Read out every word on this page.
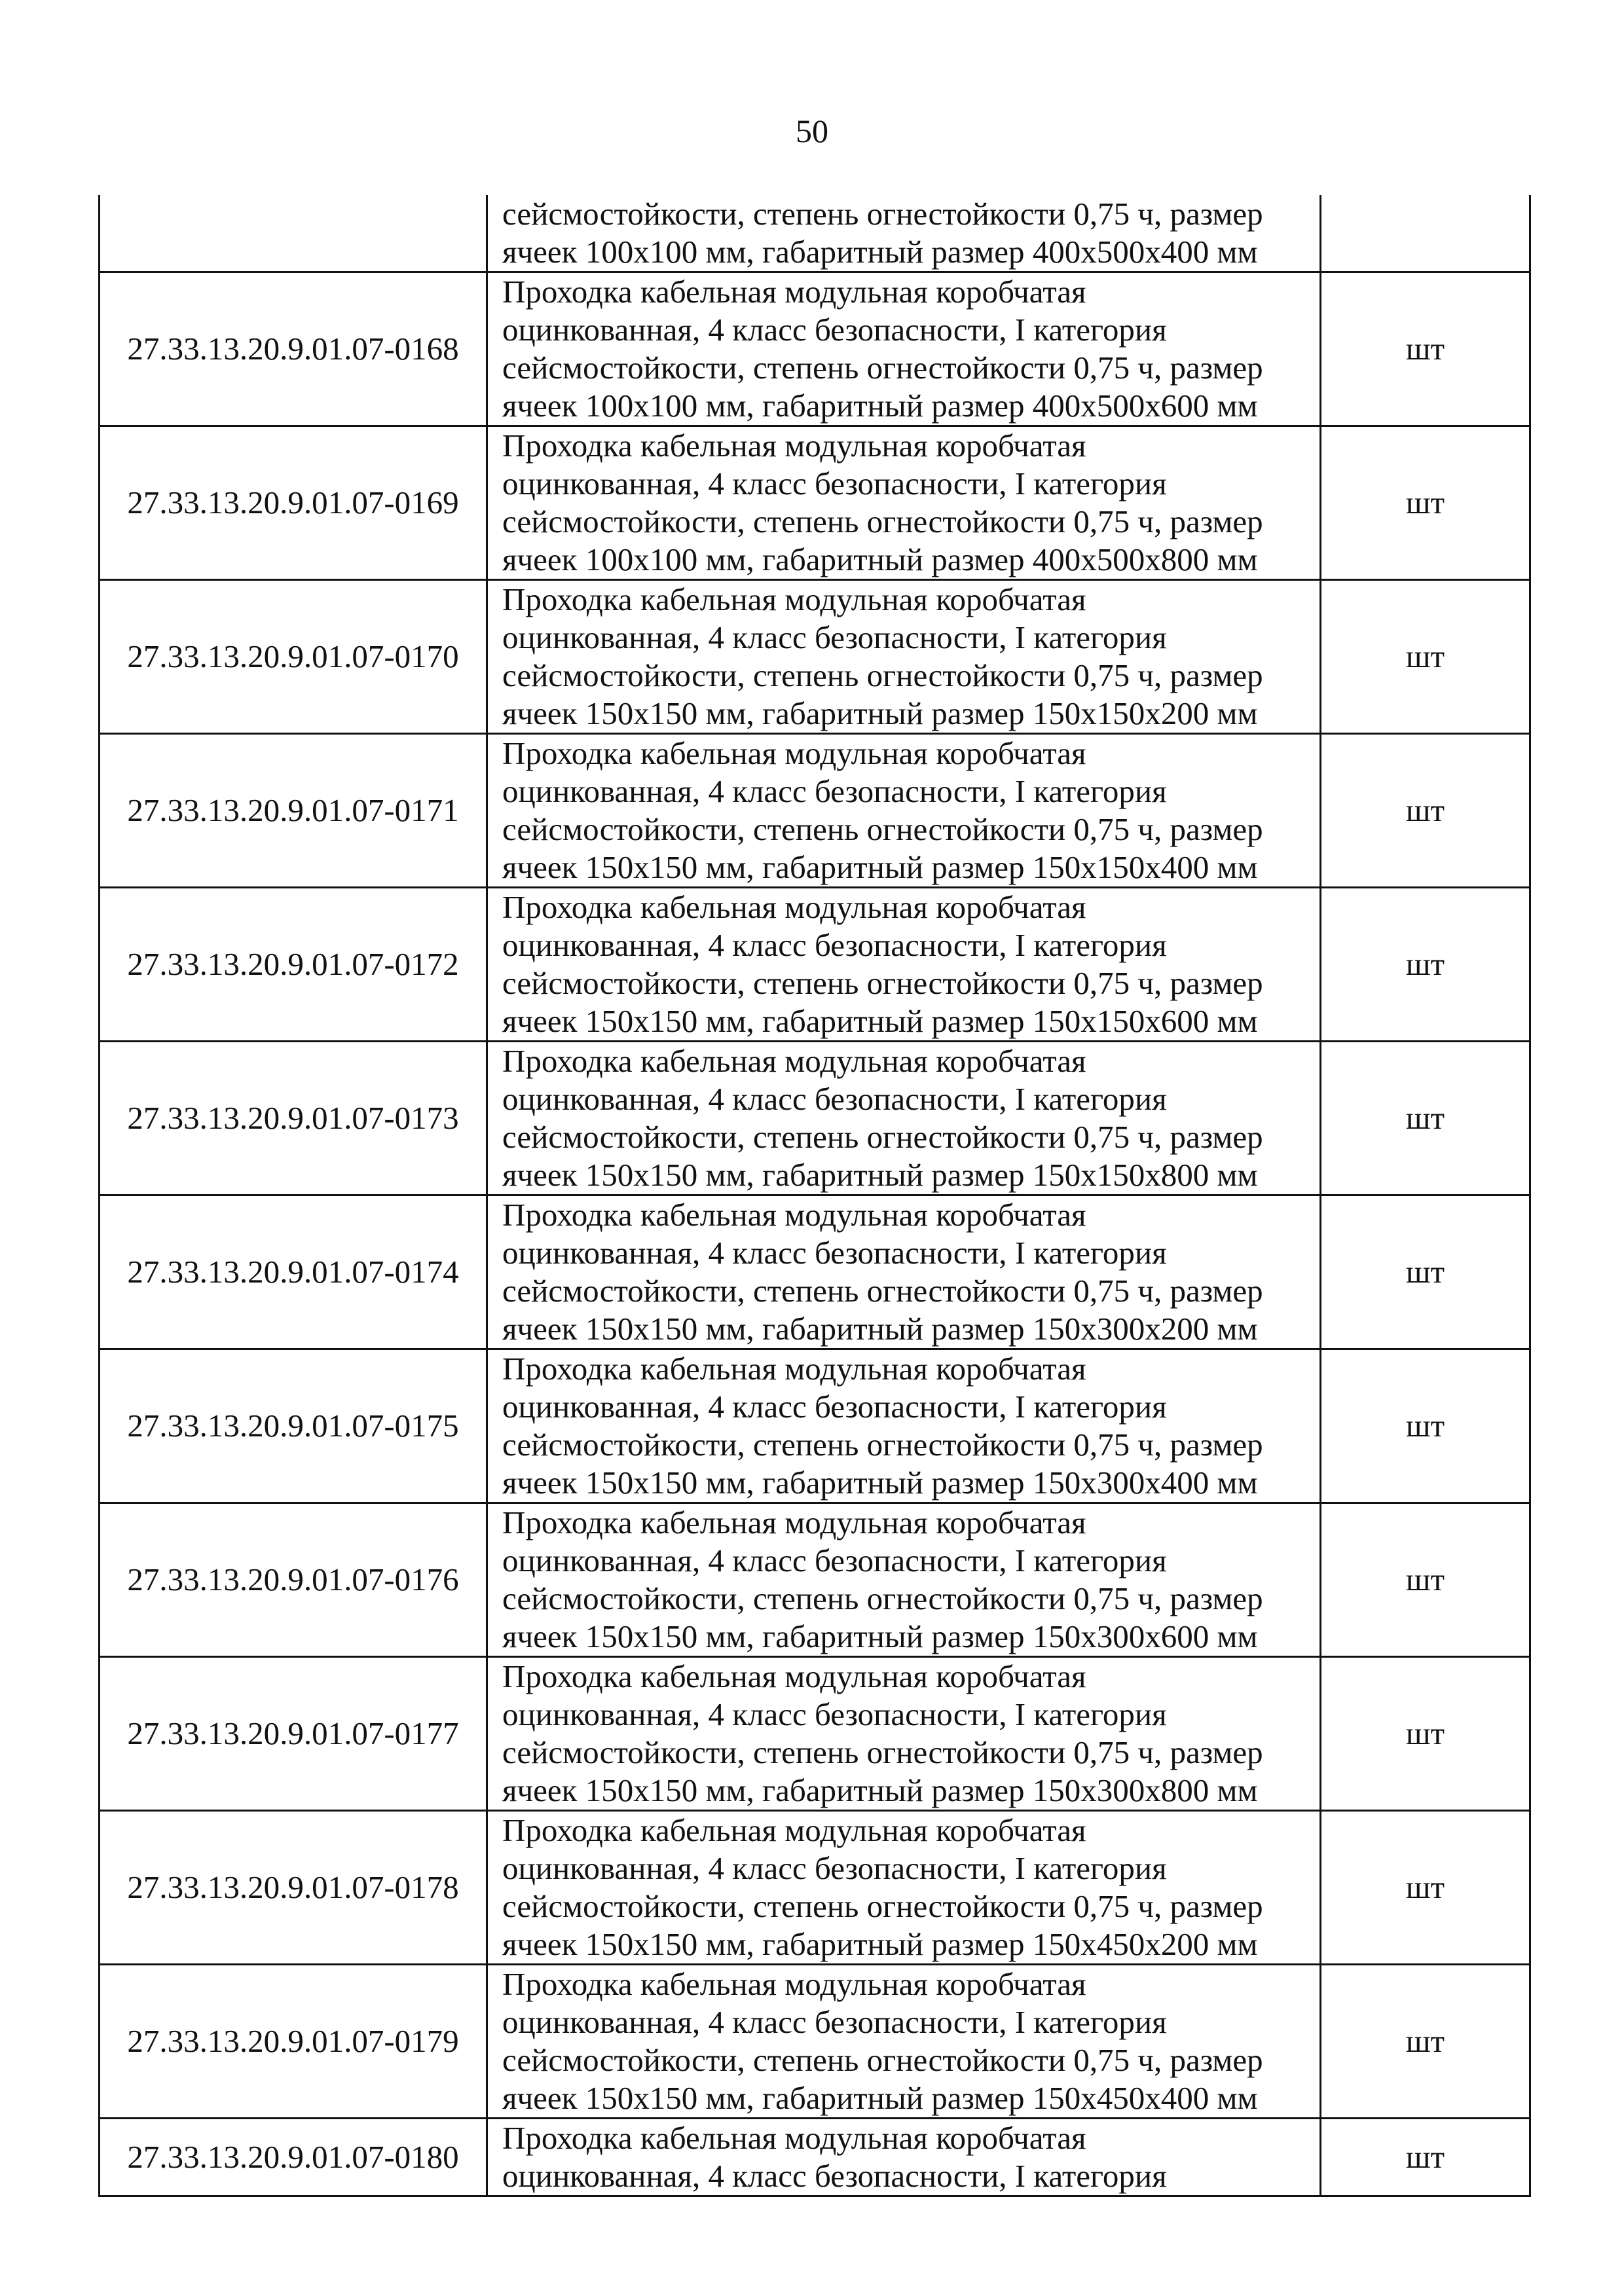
50

	сейсмостойкости, степень огнестойкости 0,75 ч, размер
ячеек 100х100 мм, габаритный размер 400х500х400 мм	

27.33.13.20.9.01.07-0168	Проходка кабельная модульная коробчатая
оцинкованная, 4 класс безопасности, I категория
сейсмостойкости, степень огнестойкости 0,75 ч, размер
ячеек 100х100 мм, габаритный размер 400х500х600 мм	шт
27.33.13.20.9.01.07-0169	Проходка кабельная модульная коробчатая
оцинкованная, 4 класс безопасности, I категория
сейсмостойкости, степень огнестойкости 0,75 ч, размер
ячеек 100х100 мм, габаритный размер 400х500х800 мм	шт
27.33.13.20.9.01.07-0170	Проходка кабельная модульная коробчатая
оцинкованная, 4 класс безопасности, I категория
сейсмостойкости, степень огнестойкости 0,75 ч, размер
ячеек 150х150 мм, габаритный размер 150х150х200 мм	шт
27.33.13.20.9.01.07-0171	Проходка кабельная модульная коробчатая
оцинкованная, 4 класс безопасности, I категория
сейсмостойкости, степень огнестойкости 0,75 ч, размер
ячеек 150х150 мм, габаритный размер 150х150х400 мм	шт
27.33.13.20.9.01.07-0172	Проходка кабельная модульная коробчатая
оцинкованная, 4 класс безопасности, I категория
сейсмостойкости, степень огнестойкости 0,75 ч, размер
ячеек 150х150 мм, габаритный размер 150х150х600 мм	шт
27.33.13.20.9.01.07-0173	Проходка кабельная модульная коробчатая
оцинкованная, 4 класс безопасности, I категория
сейсмостойкости, степень огнестойкости 0,75 ч, размер
ячеек 150х150 мм, габаритный размер 150х150х800 мм	шт
27.33.13.20.9.01.07-0174	Проходка кабельная модульная коробчатая
оцинкованная, 4 класс безопасности, I категория
сейсмостойкости, степень огнестойкости 0,75 ч, размер
ячеек 150х150 мм, габаритный размер 150х300х200 мм	шт
27.33.13.20.9.01.07-0175	Проходка кабельная модульная коробчатая
оцинкованная, 4 класс безопасности, I категория
сейсмостойкости, степень огнестойкости 0,75 ч, размер
ячеек 150х150 мм, габаритный размер 150х300х400 мм	шт
27.33.13.20.9.01.07-0176	Проходка кабельная модульная коробчатая
оцинкованная, 4 класс безопасности, I категория
сейсмостойкости, степень огнестойкости 0,75 ч, размер
ячеек 150х150 мм, габаритный размер 150х300х600 мм	шт
27.33.13.20.9.01.07-0177	Проходка кабельная модульная коробчатая
оцинкованная, 4 класс безопасности, I категория
сейсмостойкости, степень огнестойкости 0,75 ч, размер
ячеек 150х150 мм, габаритный размер 150х300х800 мм	шт
27.33.13.20.9.01.07-0178	Проходка кабельная модульная коробчатая
оцинкованная, 4 класс безопасности, I категория
сейсмостойкости, степень огнестойкости 0,75 ч, размер
ячеек 150х150 мм, габаритный размер 150х450х200 мм	шт
27.33.13.20.9.01.07-0179	Проходка кабельная модульная коробчатая
оцинкованная, 4 класс безопасности, I категория
сейсмостойкости, степень огнестойкости 0,75 ч, размер
ячеек 150х150 мм, габаритный размер 150х450х400 мм	шт
27.33.13.20.9.01.07-0180	Проходка кабельная модульная коробчатая
оцинкованная, 4 класс безопасности, I категория	шт
